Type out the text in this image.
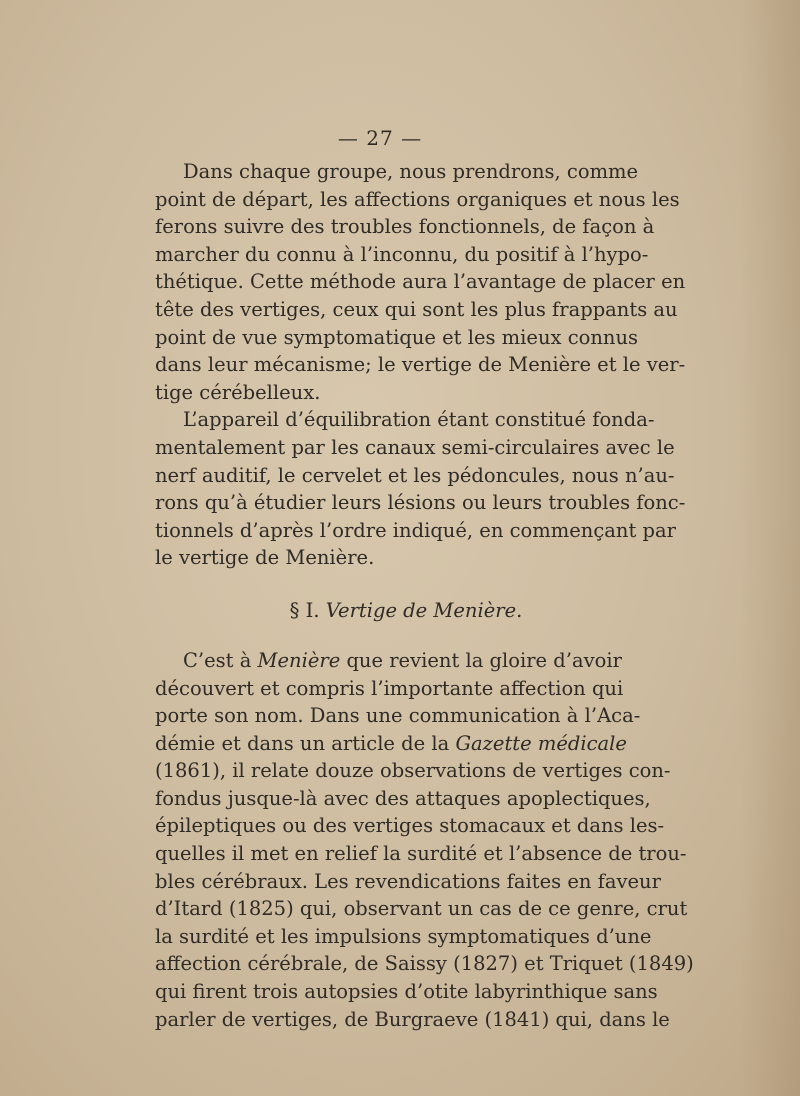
— 27 —
Dans chaque groupe, nous prendrons, comme
point de départ, les affections organiques et nous les
ferons suivre des troubles fonctionnels, de façon à
marcher du connu à l’inconnu, du positif à l’hypo-
thétique. Cette méthode aura l’avantage de placer en
tête des vertiges, ceux qui sont les plus frappants au
point de vue symptomatique et les mieux connus
dans leur mécanisme; le vertige de Menière et le ver-
tige cérébelleux.
L’appareil d’équilibration étant constitué fonda-
mentalement par les canaux semi-circulaires avec le
nerf auditif, le cervelet et les pédoncules, nous n’au-
rons qu’à étudier leurs lésions ou leurs troubles fonc-
tionnels d’après l’ordre indiqué, en commençant par
le vertige de Menière.
§ I. Vertige de Menière.
C’est à Menière que revient la gloire d’avoir
découvert et compris l’importante affection qui
porte son nom. Dans une communication à l’Aca-
démie et dans un article de la Gazette médicale
(1861), il relate douze observations de vertiges con-
fondus jusque-là avec des attaques apoplectiques,
épileptiques ou des vertiges stomacaux et dans les-
quelles il met en relief la surdité et l’absence de trou-
bles cérébraux. Les revendications faites en faveur
d’Itard (1825) qui, observant un cas de ce genre, crut
la surdité et les impulsions symptomatiques d’une
affection cérébrale, de Saissy (1827) et Triquet (1849)
qui firent trois autopsies d’otite labyrinthique sans
parler de vertiges, de Burgraeve (1841) qui, dans le
